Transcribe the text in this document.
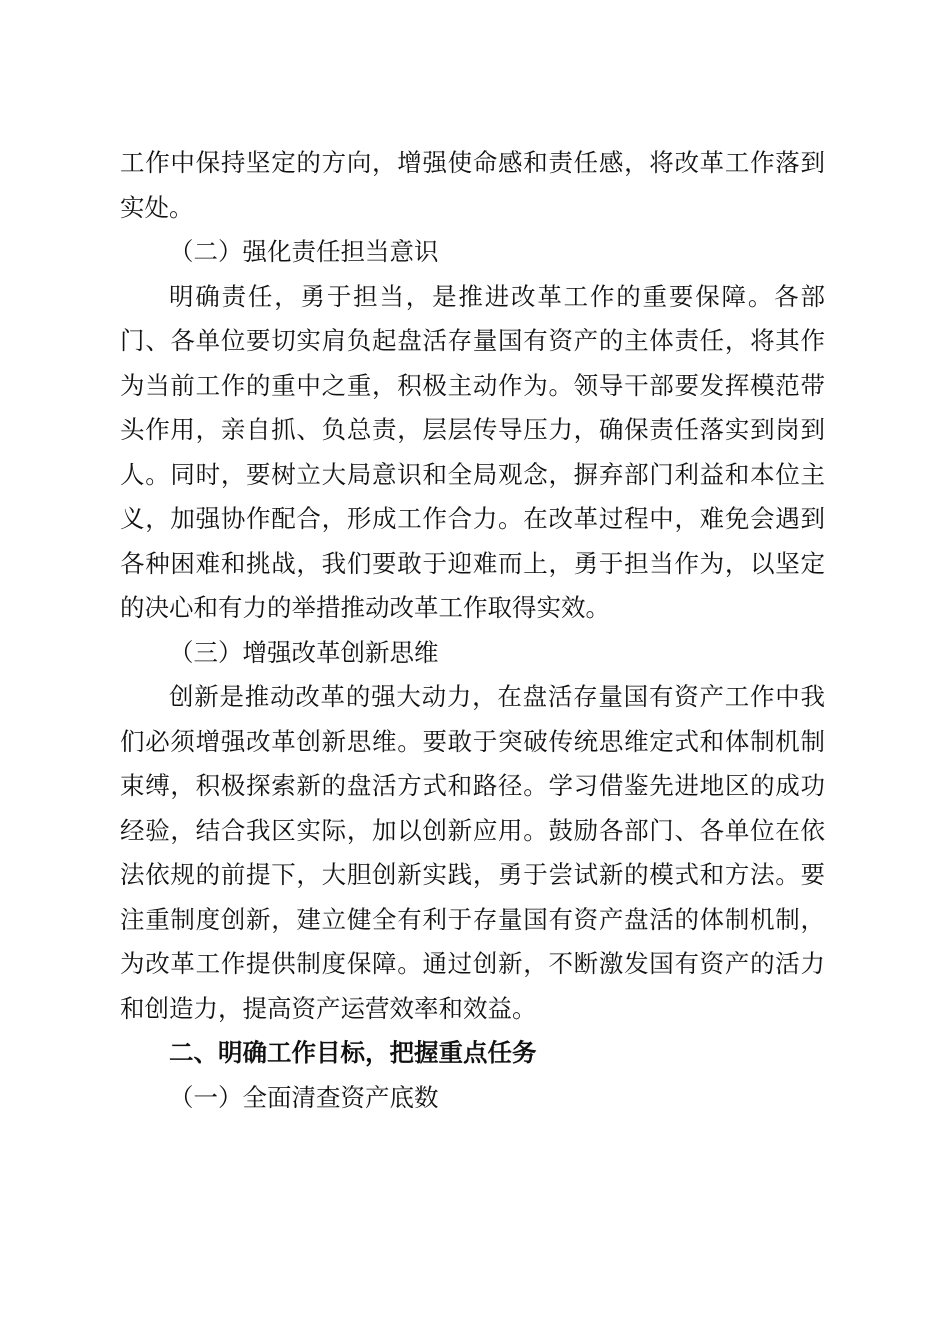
工作中保持坚定的方向，增强使命感和责任感，将改革工作落到实处。

（二）强化责任担当意识

明确责任，勇于担当，是推进改革工作的重要保障。各部门、各单位要切实肩负起盘活存量国有资产的主体责任，将其作为当前工作的重中之重，积极主动作为。领导干部要发挥模范带头作用，亲自抓、负总责，层层传导压力，确保责任落实到岗到人。同时，要树立大局意识和全局观念，摒弃部门利益和本位主义，加强协作配合，形成工作合力。在改革过程中，难免会遇到各种困难和挑战，我们要敢于迎难而上，勇于担当作为，以坚定的决心和有力的举措推动改革工作取得实效。

（三）增强改革创新思维

创新是推动改革的强大动力，在盘活存量国有资产工作中我们必须增强改革创新思维。要敢于突破传统思维定式和体制机制束缚，积极探索新的盘活方式和路径。学习借鉴先进地区的成功经验，结合我区实际，加以创新应用。鼓励各部门、各单位在依法依规的前提下，大胆创新实践，勇于尝试新的模式和方法。要注重制度创新，建立健全有利于存量国有资产盘活的体制机制，为改革工作提供制度保障。通过创新，不断激发国有资产的活力和创造力，提高资产运营效率和效益。

二、明确工作目标，把握重点任务

（一）全面清查资产底数
